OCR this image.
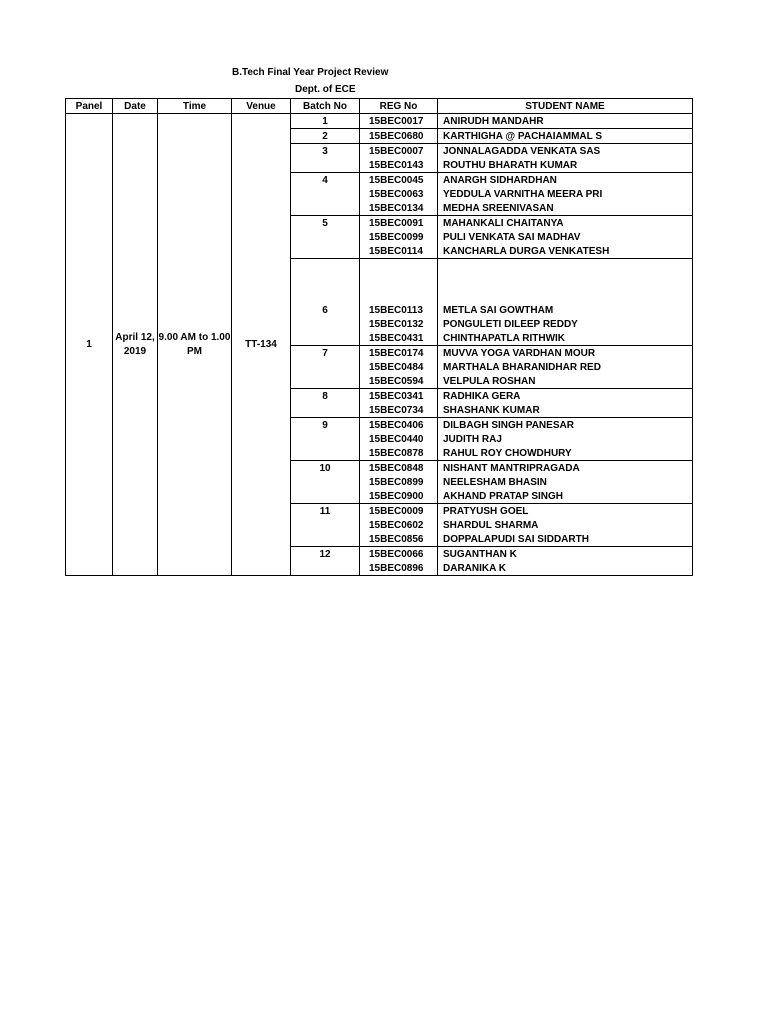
B.Tech Final Year Project Review
Dept. of ECE
Panel	Date	Time	Venue	Batch No	REG No	STUDENT NAME
1	April 12, 2019	9.00 AM to 1.00 PM	TT-134	1	15BEC0017	ANIRUDH MANDAHR
				2	15BEC0680	KARTHIGHA @ PACHAIAMMAL S
				3	15BEC0007	JONNALAGADDA VENKATA SAS
					15BEC0143	ROUTHU BHARATH KUMAR
				4	15BEC0045	ANARGH SIDHARDHAN
					15BEC0063	YEDDULA VARNITHA MEERA PRI
					15BEC0134	MEDHA SREENIVASAN
				5	15BEC0091	MAHANKALI CHAITANYA
					15BEC0099	PULI VENKATA SAI MADHAV
					15BEC0114	KANCHARLA DURGA VENKATESH
				6	15BEC0113	METLA SAI GOWTHAM
					15BEC0132	PONGULETI DILEEP REDDY
					15BEC0431	CHINTHAPATLA RITHWIK
				7	15BEC0174	MUVVA YOGA VARDHAN MOUR
					15BEC0484	MARTHALA BHARANIDHAR RED
					15BEC0594	VELPULA ROSHAN
				8	15BEC0341	RADHIKA GERA
					15BEC0734	SHASHANK KUMAR
				9	15BEC0406	DILBAGH SINGH PANESAR
					15BEC0440	JUDITH RAJ
					15BEC0878	RAHUL ROY CHOWDHURY
				10	15BEC0848	NISHANT MANTRIPRAGADA
					15BEC0899	NEELESHAM BHASIN
					15BEC0900	AKHAND PRATAP SINGH
				11	15BEC0009	PRATYUSH GOEL
					15BEC0602	SHARDUL SHARMA
					15BEC0856	DOPPALAPUDI SAI SIDDARTH
				12	15BEC0066	SUGANTHAN K
					15BEC0896	DARANIKA K
